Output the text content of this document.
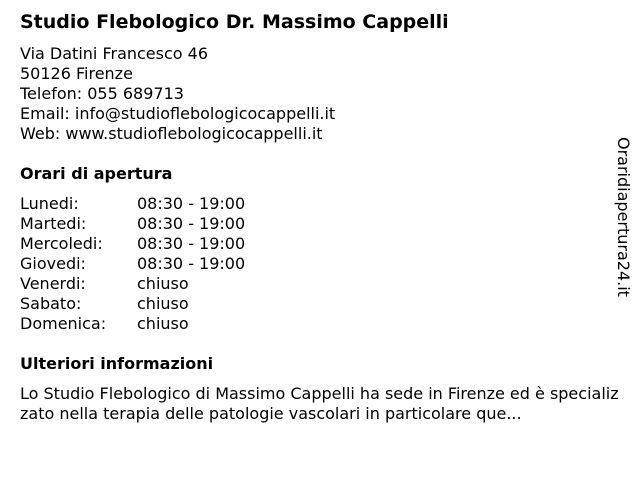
Studio Flebologico Dr. Massimo Cappelli
Via Datini Francesco 46
50126 Firenze
Telefon: 055 689713
Email: info@studioflebologicocappelli.it
Web: www.studioflebologicocappelli.it
Orari di apertura
Lunedi:	08:30 - 19:00
Martedi:	08:30 - 19:00
Mercoledi:	08:30 - 19:00
Giovedi:	08:30 - 19:00
Venerdi:	chiuso
Sabato:	chiuso
Domenica:	chiuso
Ulteriori informazioni
Lo Studio Flebologico di Massimo Cappelli ha sede in Firenze ed è specializzato nella terapia delle patologie vascolari in particolare que...
Oraridiapertura24.it
